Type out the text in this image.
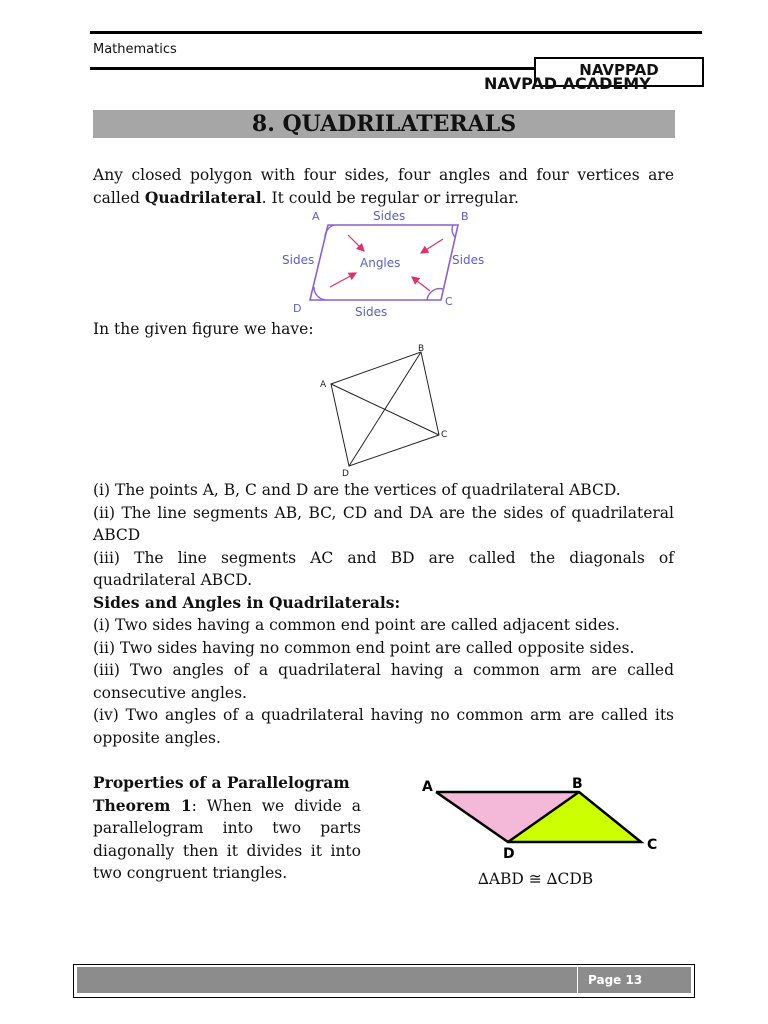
Mathematics
NAVPPAD
NAVPAD ACADEMY
8. QUADRILATERALS
Any closed polygon with four sides, four angles and four vertices are called Quadrilateral. It could be regular or irregular.
A	B
C
D
Sides
Sides	Sides
Sides
Angles
In the given figure we have:
A
B
C
D

(i) The points A, B, C and D are the vertices of quadrilateral ABCD.

(ii) The line segments AB, BC, CD and DA are the sides of quadrilateral ABCD

(iii) The line segments AC and BD are called the diagonals of quadrilateral ABCD.

Sides and Angles in Quadrilaterals:

(i) Two sides having a common end point are called adjacent sides.

(ii) Two sides having no common end point are called opposite sides.

(iii) Two angles of a quadrilateral having a common arm are called consecutive angles.

(iv) Two angles of a quadrilateral having no common arm are called its opposite angles.

Properties of a Parallelogram
Theorem 1: When we divide a parallelogram into two parts diagonally then it divides it into two congruent triangles.
A	B
C
D
∆ABD ≅ ∆CDB
Page 13
